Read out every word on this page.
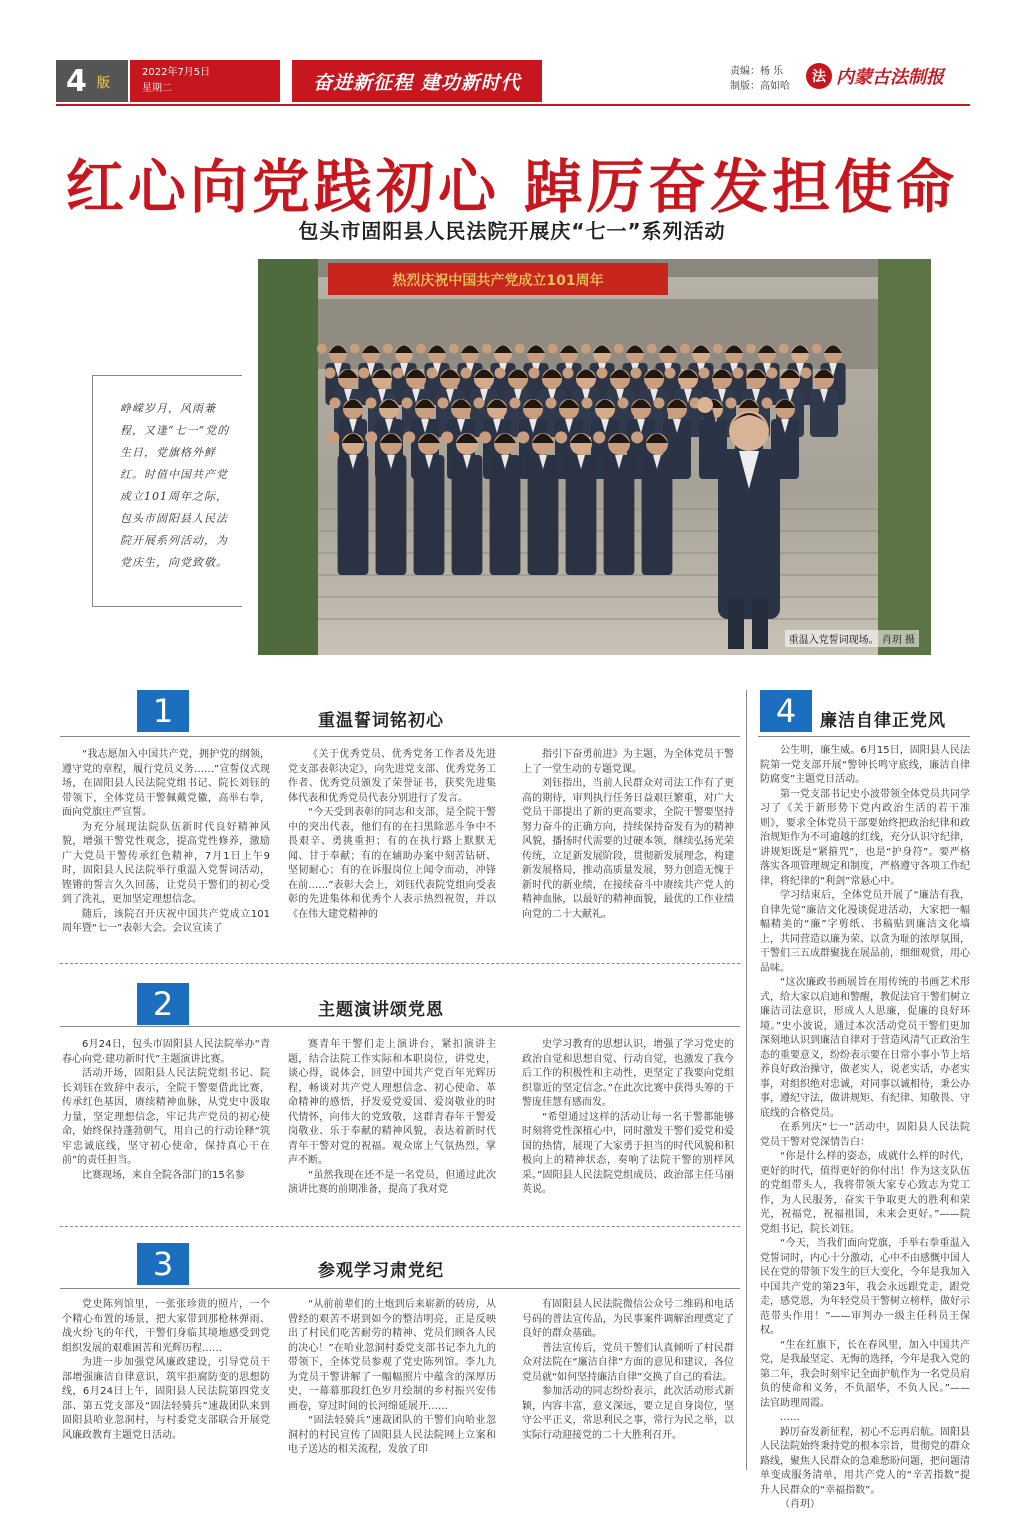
4 版
2022年7月5日
星期二	奋进新征程 建功新时代	责编：杨 乐
制版：高如哈
法 内蒙古法制报
红心向党践初心 踔厉奋发担使命
包头市固阳县人民法院开展庆“七一”系列活动
峥嵘岁月，风雨兼程，又逢“七一”党的生日，党旗格外鲜红。时值中国共产党成立101周年之际，包头市固阳县人民法院开展系列活动，为党庆生，向党致敬。
热烈庆祝中国共产党成立101周年
重温入党誓词现场。 肖玥 摄
1	重温誓词铭初心

“我志愿加入中国共产党，拥护党的纲领，遵守党的章程，履行党员义务……”宣誓仪式现场，在固阳县人民法院党组书记、院长刘钰的带领下，全体党员干警佩戴党徽，高举右拳，面向党旗庄严宣誓。

为充分展现法院队伍新时代良好精神风貌，增强干警党性观念，提高党性修养，激励广大党员干警传承红色精神，7月1日上午9时，固阳县人民法院举行重温入党誓词活动，铿锵的誓言久久回荡，让党员干警们的初心受到了洗礼，更加坚定理想信念。

随后，该院召开庆祝中国共产党成立101周年暨“七一”表彰大会。会议宣读了

《关于优秀党员、优秀党务工作者及先进党支部表彰决定》，向先进党支部、优秀党务工作者、优秀党员颁发了荣誉证书，获奖先进集体代表和优秀党员代表分别进行了发言。

“今天受到表彰的同志和支部，是全院干警中的突出代表，他们有的在扫黑除恶斗争中不畏艰辛、勇挑重担；有的在执行路上默默无闻、甘于奉献；有的在辅助办案中刻苦钻研、坚韧耐心；有的在诉服岗位上闻令而动，冲锋在前……”表彰大会上，刘钰代表院党组向受表彰的先进集体和优秀个人表示热烈祝贺，并以《在伟大建党精神的

指引下奋勇前进》为主题，为全体党员干警上了一堂生动的专题党课。

刘钰指出，当前人民群众对司法工作有了更高的期待，审判执行任务日益艰巨繁重，对广大党员干部提出了新的更高要求，全院干警要坚持努力奋斗的正确方向，持续保持奋发有为的精神风貌，播扬时代需要的过硬本领，继续弘扬光荣传统，立足新发展阶段，贯彻新发展理念，构建新发展格局，推动高质量发展，努力创造无愧于新时代的新业绩，在接续奋斗中赓续共产党人的精神血脉，以最好的精神面貌，最优的工作业绩向党的二十大献礼。

2	主题演讲颂党恩

6月24日，包头市固阳县人民法院举办“青春心向党·建功新时代”主题演讲比赛。

活动开场，固阳县人民法院党组书记、院长刘钰在致辞中表示，全院干警要借此比赛，传承红色基因，赓续精神血脉，从党史中汲取力量，坚定理想信念，牢记共产党员的初心使命，始终保持蓬勃朝气，用自己的行动诠释“筑牢忠诚底线，坚守初心使命，保持真心干在前”的责任担当。

比赛现场，来自全院各部门的15名参

赛青年干警们走上演讲台，紧扣演讲主题，结合法院工作实际和本职岗位，讲党史，谈心得，说体会，回望中国共产党百年光辉历程，畅谈对共产党人理想信念、初心使命、革命精神的感悟，抒发爱党爱国、爱岗敬业的时代情怀，向伟大的党致敬，这群青春年干警爱岗敬业、乐于奉献的精神风貌，表达着新时代青年干警对党的祝福。观众席上气氛热烈，掌声不断。

“虽然我现在还不是一名党员，但通过此次演讲比赛的前期准备，提高了我对党

史学习教育的思想认识，增强了学习党史的政治自觉和思想自觉、行动自觉，也激发了我今后工作的积极性和主动性，更坚定了我要向党组织靠近的坚定信念。”在此次比赛中获得头筹的干警庞佳慧有感而发。

“希望通过这样的活动让每一名干警都能够时刻将党性深植心中，同时激发干警们爱党和爱国的热情，展现了大家勇于担当的时代风貌和积极向上的精神状态，奏响了法院干警的别样风采。”固阳县人民法院党组成员、政治部主任马丽英说。

3	参观学习肃党纪

党史陈列馆里，一张张珍贵的照片，一个个精心布置的场景，把大家带到那枪林弹雨、战火纷飞的年代，干警们身临其境地感受到党组织发展的艰难困苦和光辉历程……

为进一步加强党风廉政建设，引导党员干部增强廉洁自律意识，筑牢拒腐防变的思想防线，6月24日上午，固阳县人民法院第四党支部、第五党支部及“固法轻骑兵”速裁团队来到固阳县哈业忽洞村，与村委党支部联合开展党风廉政教育主题党日活动。

“从前前辈们的土炮到后来崭新的砖房，从曾经的艰苦不堪到如今的整洁明亮，正是反映出了村民们吃苦耐劳的精神、党员们顾各人民的决心！”在哈业忽洞村委党支部书记李九九的带领下，全体党员参观了党史陈列馆。李九九为党员干警讲解了一幅幅照片中蕴含的深厚历史，一幕幕那段红色岁月绘制的乡村振兴安伟画卷，穿过时间的长河绵延展开……

“固法轻骑兵”速裁团队的干警们向哈业忽洞村的村民宣传了固阳县人民法院网上立案和电子送达的相关流程，发放了印

有固阳县人民法院微信公众号二维码和电话号码的普法宣传品，为民事案件调解治理奠定了良好的群众基础。

普法宣传后，党员干警们认真倾听了村民群众对法院在“廉洁自律”方面的意见和建议，各位党员就“如何坚持廉洁自律”交换了自己的看法。

参加活动的同志纷纷表示，此次活动形式新颖，内容丰富，意义深远，要立足自身岗位，坚守公平正义，常思利民之事，常行为民之举，以实际行动迎接党的二十大胜利召开。

4	廉洁自律正党风

公生明，廉生威。6月15日，固阳县人民法院第一党支部开展“警钟长鸣守底线，廉洁自律防腐变”主题党日活动。

第一党支部书记史小波带领全体党员共同学习了《关于新形势下党内政治生活的若干准则》，要求全体党员干部要始终把政治纪律和政治规矩作为不可逾越的红线，充分认识守纪律，讲规矩既是“紧箍咒”，也是“护身符”。要严格落实各项管理规定和制度，严格遵守各项工作纪律，将纪律的“利剑”常悬心中。

学习结束后，全体党员开展了“廉洁有我，自律先觉”廉洁文化漫谈促进活动，大家把一幅幅精美的“廉”字剪纸、书稿贴到廉洁文化墙上，共同营造以廉为荣、以贪为耻的浓厚氛围，干警们三五成群聚拢在展品前，细细观赏，用心品味。

“这次廉政书画展旨在用传统的书画艺术形式，给大家以启迪和警醒，教促法官干警们树立廉洁司法意识，形成人人思廉，促廉的良好环境。”史小波说，通过本次活动党员干警们更加深刻地认识到廉洁自律对于营造风清气正政治生态的重要意义，纷纷表示要在日常小事小节上培养良好政治操守，做老实人，说老实话，办老实事，对组织绝对忠诚，对同事以诚相待，秉公办事，遵纪守法，做讲规矩、有纪律、知敬畏、守底线的合格党员。

在系列庆“七一”活动中，固阳县人民法院党员干警对党深情告白：

“你是什么样的姿态，成就什么样的时代，更好的时代，值得更好的你付出！作为这支队伍的党组带头人，我将带领大家专心致志为党工作，为人民服务，奋实干争取更大的胜利和荣光，祝福党，祝福祖国，未来会更好。”——院党组书记，院长刘钰。

“今天，当我们面向党旗，手举右拳重温入党誓词时，内心十分激动，心中不由感慨中国人民在党的带领下发生的巨大变化，今年是我加入中国共产党的第23年，我会永远跟党走，跟党走，感党恩，为年轻党员干警树立榜样，做好示范带头作用！”——审判办一级主任科员王保权。

“生在红旗下，长在春风里，加入中国共产党，是我最坚定、无悔的选择，今年是我入党的第二年，我会时刻牢记全面护航作为一名党员肩负的使命和义务，不负韶华，不负人民。”——法官助理周霞。

……

踔厉奋发新征程，初心不忘再启航。固阳县人民法院始终秉持党的根本宗旨，贯彻党的群众路线，聚焦人民群众的急难愁盼问题，把问题清单变成服务清单，用共产党人的“辛苦指数”提升人民群众的“幸福指数”。

（肖玥）
